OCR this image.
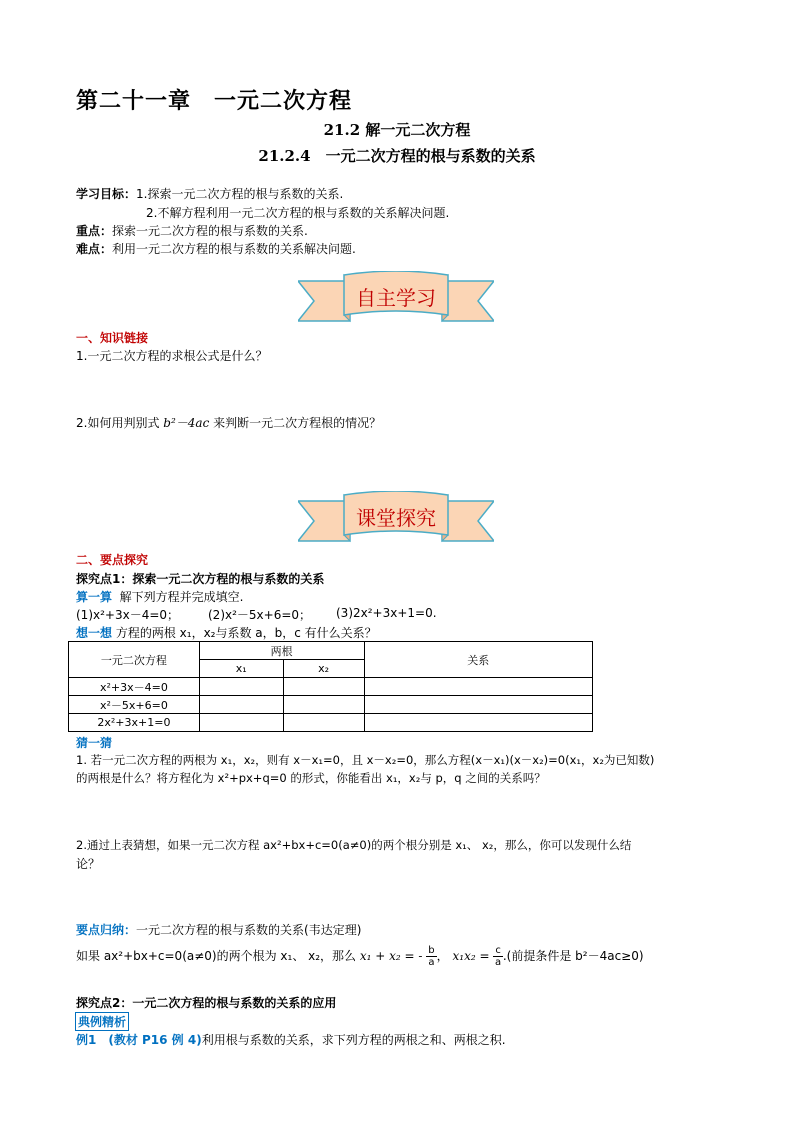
第二十一章　一元二次方程
21.2 解一元二次方程
21.2.4　一元二次方程的根与系数的关系
学习目标：1.探索一元二次方程的根与系数的关系.
2.不解方程利用一元二次方程的根与系数的关系解决问题.
重点：探索一元二次方程的根与系数的关系.
难点：利用一元二次方程的根与系数的关系解决问题.
自主学习
一、知识链接
1.一元二次方程的求根公式是什么？
2.如何用判别式 b²－4ac 来判断一元二次方程根的情况？
课堂探究
二、要点探究
探究点1：探索一元二次方程的根与系数的关系
算一算 解下列方程并完成填空.
(1)x²+3x－4=0； (2)x²－5x+6=0； (3)2x²+3x+1=0.
想一想 方程的两根 x₁，x₂与系数 a，b，c 有什么关系？
一元二次方程	两根		关系
	x₁	x₂	
x²+3x－4=0			
x²－5x+6=0			
2x²+3x+1=0			
猜一猜
1. 若一元二次方程的两根为 x₁，x₂，则有 x－x₁=0，且 x－x₂=0，那么方程(x－x₁)(x－x₂)=0(x₁，x₂为已知数)
的两根是什么？将方程化为 x²+px+q=0 的形式，你能看出 x₁，x₂与 p，q 之间的关系吗？
2.通过上表猜想，如果一元二次方程 ax²+bx+c=0(a≠0)的两个根分别是 x₁、 x₂，那么，你可以发现什么结
论？
要点归纳：一元二次方程的根与系数的关系(韦达定理)
如果 ax²+bx+c=0(a≠0)的两个根为 x₁、 x₂，那么 x₁ + x₂ = - $\frac{b}{a}$ ， $x_1x_2 = \frac{c}{a}$ .(前提条件是 b²－4ac≥0)
探究点2：一元二次方程的根与系数的关系的应用
典例精析
例1　(教材 P16 例 4)利用根与系数的关系，求下列方程的两根之和、两根之积.
